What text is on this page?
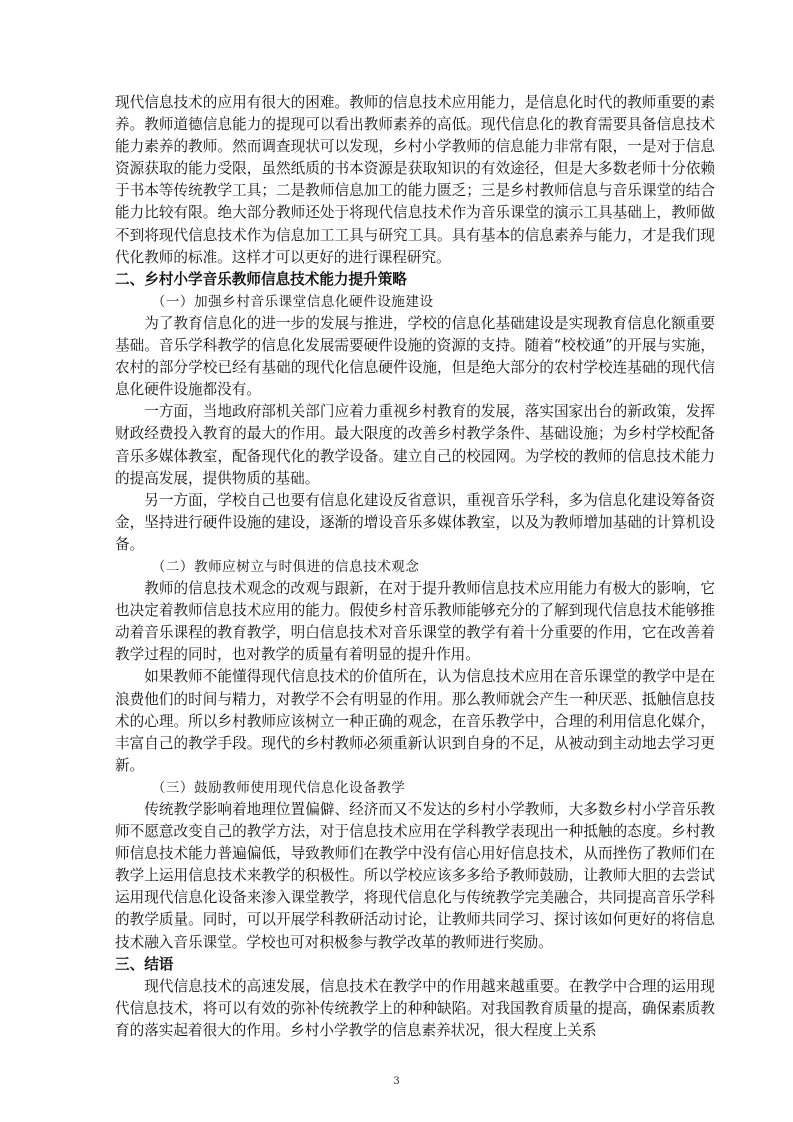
现代信息技术的应用有很大的困难。教师的信息技术应用能力，是信息化时代的教师重要的素养。教师道德信息能力的提现可以看出教师素养的高低。现代信息化的教育需要具备信息技术能力素养的教师。然而调查现状可以发现，乡村小学教师的信息能力非常有限，一是对于信息资源获取的能力受限，虽然纸质的书本资源是获取知识的有效途径，但是大多数老师十分依赖于书本等传统教学工具；二是教师信息加工的能力匮乏；三是乡村教师信息与音乐课堂的结合能力比较有限。绝大部分教师还处于将现代信息技术作为音乐课堂的演示工具基础上，教师做不到将现代信息技术作为信息加工工具与研究工具。具有基本的信息素养与能力，才是我们现代化教师的标准。这样才可以更好的进行课程研究。

二、乡村小学音乐教师信息技术能力提升策略
（一）加强乡村音乐课堂信息化硬件设施建设

为了教育信息化的进一步的发展与推进，学校的信息化基础建设是实现教育信息化额重要基础。音乐学科教学的信息化发展需要硬件设施的资源的支持。随着“校校通”的开展与实施，农村的部分学校已经有基础的现代化信息硬件设施，但是绝大部分的农村学校连基础的现代信息化硬件设施都没有。

一方面，当地政府部机关部门应着力重视乡村教育的发展，落实国家出台的新政策，发挥财政经费投入教育的最大的作用。最大限度的改善乡村教学条件、基础设施；为乡村学校配备音乐多媒体教室，配备现代化的教学设备。建立自己的校园网。为学校的教师的信息技术能力的提高发展，提供物质的基础。

另一方面，学校自己也要有信息化建设反省意识，重视音乐学科，多为信息化建设筹备资金，坚持进行硬件设施的建设，逐渐的增设音乐多媒体教室，以及为教师增加基础的计算机设备。

（二）教师应树立与时俱进的信息技术观念

教师的信息技术观念的改观与跟新，在对于提升教师信息技术应用能力有极大的影响，它也决定着教师信息技术应用的能力。假使乡村音乐教师能够充分的了解到现代信息技术能够推动着音乐课程的教育教学，明白信息技术对音乐课堂的教学有着十分重要的作用，它在改善着教学过程的同时，也对教学的质量有着明显的提升作用。

如果教师不能懂得现代信息技术的价值所在，认为信息技术应用在音乐课堂的教学中是在浪费他们的时间与精力，对教学不会有明显的作用。那么教师就会产生一种厌恶、抵触信息技术的心理。所以乡村教师应该树立一种正确的观念，在音乐教学中，合理的利用信息化媒介，丰富自己的教学手段。现代的乡村教师必须重新认识到自身的不足，从被动到主动地去学习更新。

（三）鼓励教师使用现代信息化设备教学

传统教学影响着地理位置偏僻、经济而又不发达的乡村小学教师，大多数乡村小学音乐教师不愿意改变自己的教学方法，对于信息技术应用在学科教学表现出一种抵触的态度。乡村教师信息技术能力普遍偏低，导致教师们在教学中没有信心用好信息技术，从而挫伤了教师们在教学上运用信息技术来教学的积极性。所以学校应该多多给予教师鼓励，让教师大胆的去尝试运用现代信息化设备来渗入课堂教学，将现代信息化与传统教学完美融合，共同提高音乐学科的教学质量。同时，可以开展学科教研活动讨论，让教师共同学习、探讨该如何更好的将信息技术融入音乐课堂。学校也可对积极参与教学改革的教师进行奖励。

三、结语

现代信息技术的高速发展，信息技术在教学中的作用越来越重要。在教学中合理的运用现代信息技术，将可以有效的弥补传统教学上的种种缺陷。对我国教育质量的提高，确保素质教育的落实起着很大的作用。乡村小学教学的信息素养状况，很大程度上关系

3
